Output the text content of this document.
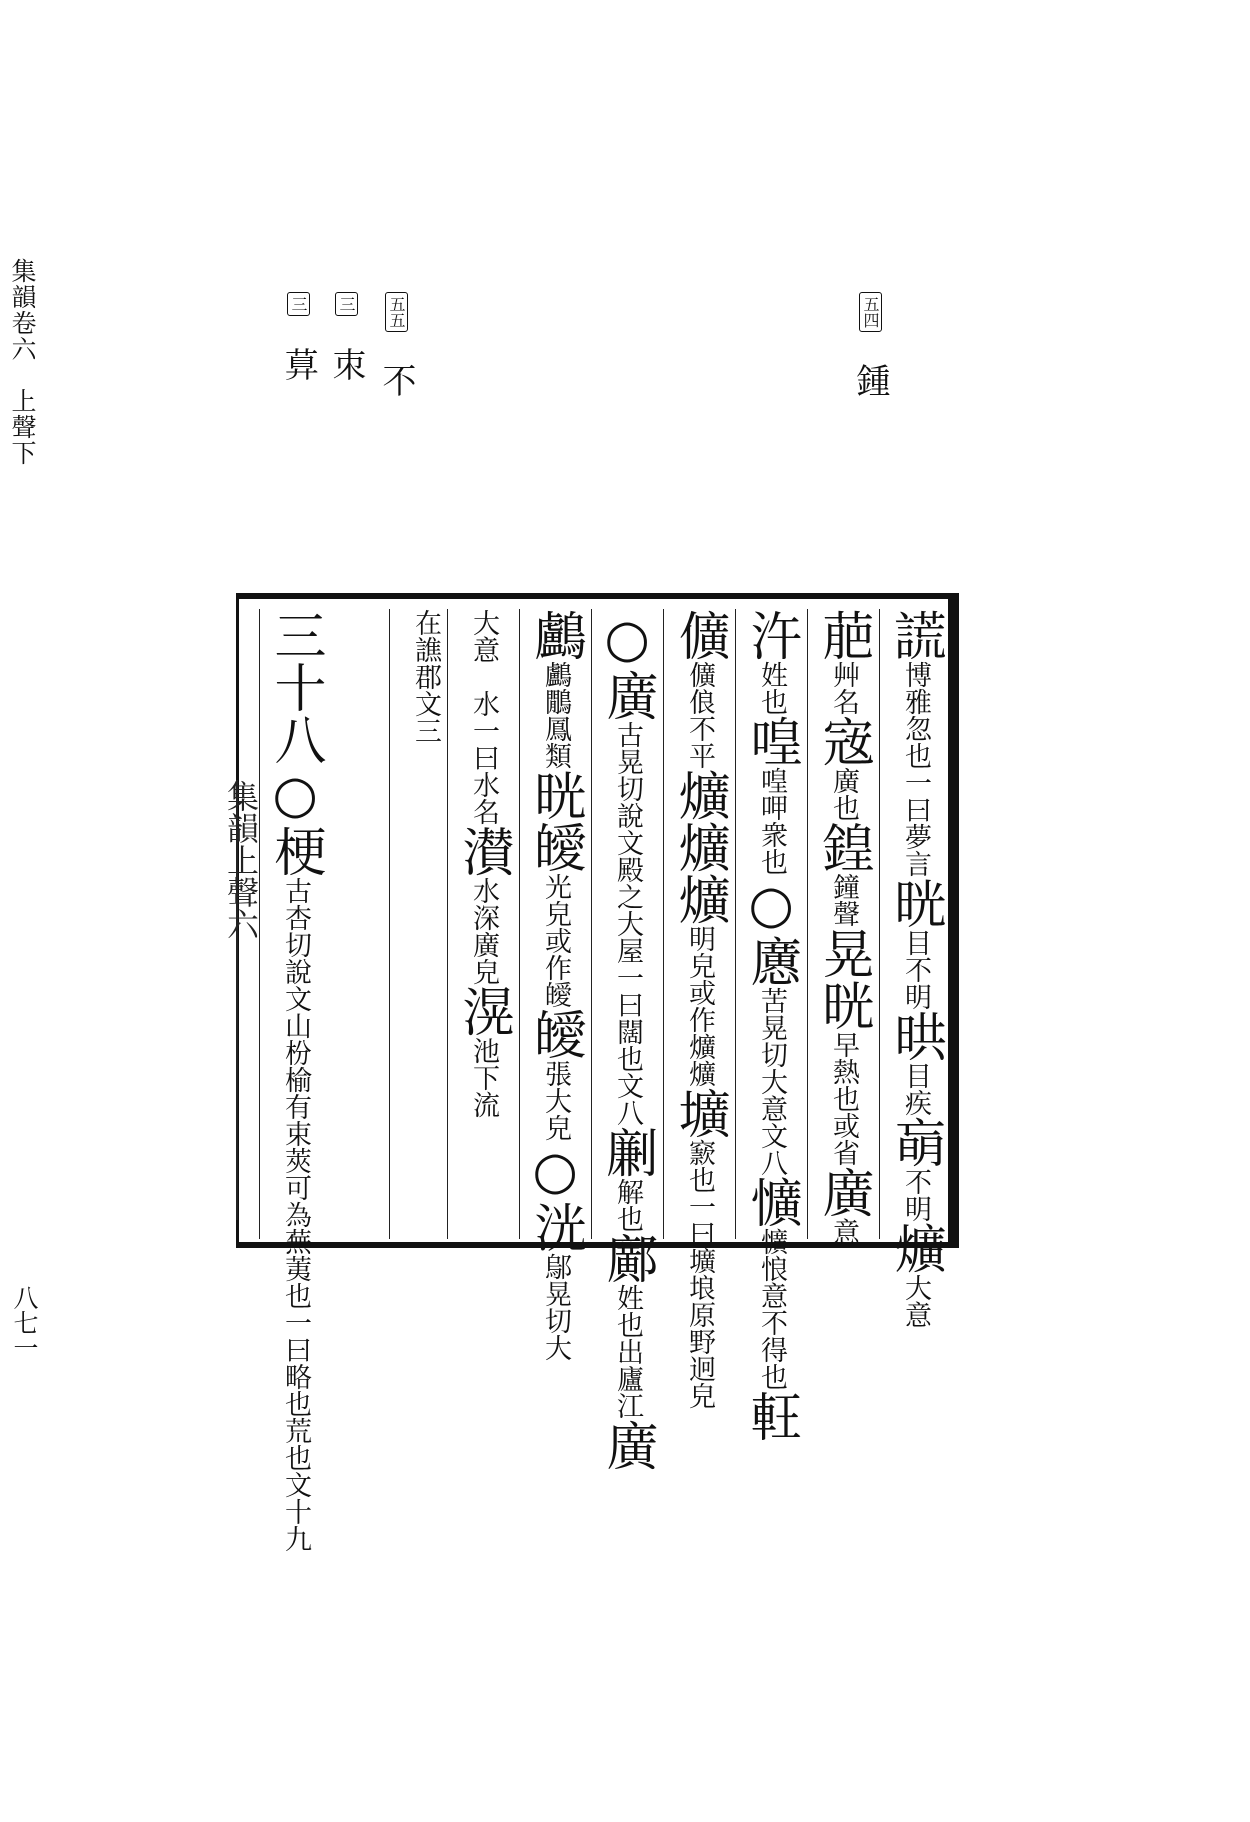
集韻卷六　上聲下
八七一
五四 鍾
五五 不
三 朿
三 萛
謊博雅忽也一曰夢言晄目不明晎目疾朚不明爌大意
萉艸名宼廣也鍠鐘聲晃晄早熱也或省廣意
汻姓也喤喤呷衆也○懬苦晃切大意文八懭懭悢意不得也軖
儣儣俍不平爌爌爌明皃或作爌爌壙窾也一曰壙埌原野迥皃
○廣古晃切說文殿之大屋一曰闊也文八劆解也鄺姓也出廬江廣
鸕鸕鷳鳳類晄皧光皃或作皧皧張大皃○洸鄔晃切大
大意　水一曰水名濽水深廣皃滉池下流
在譙郡文三
三十八○梗古杏切說文山枌榆有束莢可為蕪荑也一曰略也荒也文十九
集韻上聲六
